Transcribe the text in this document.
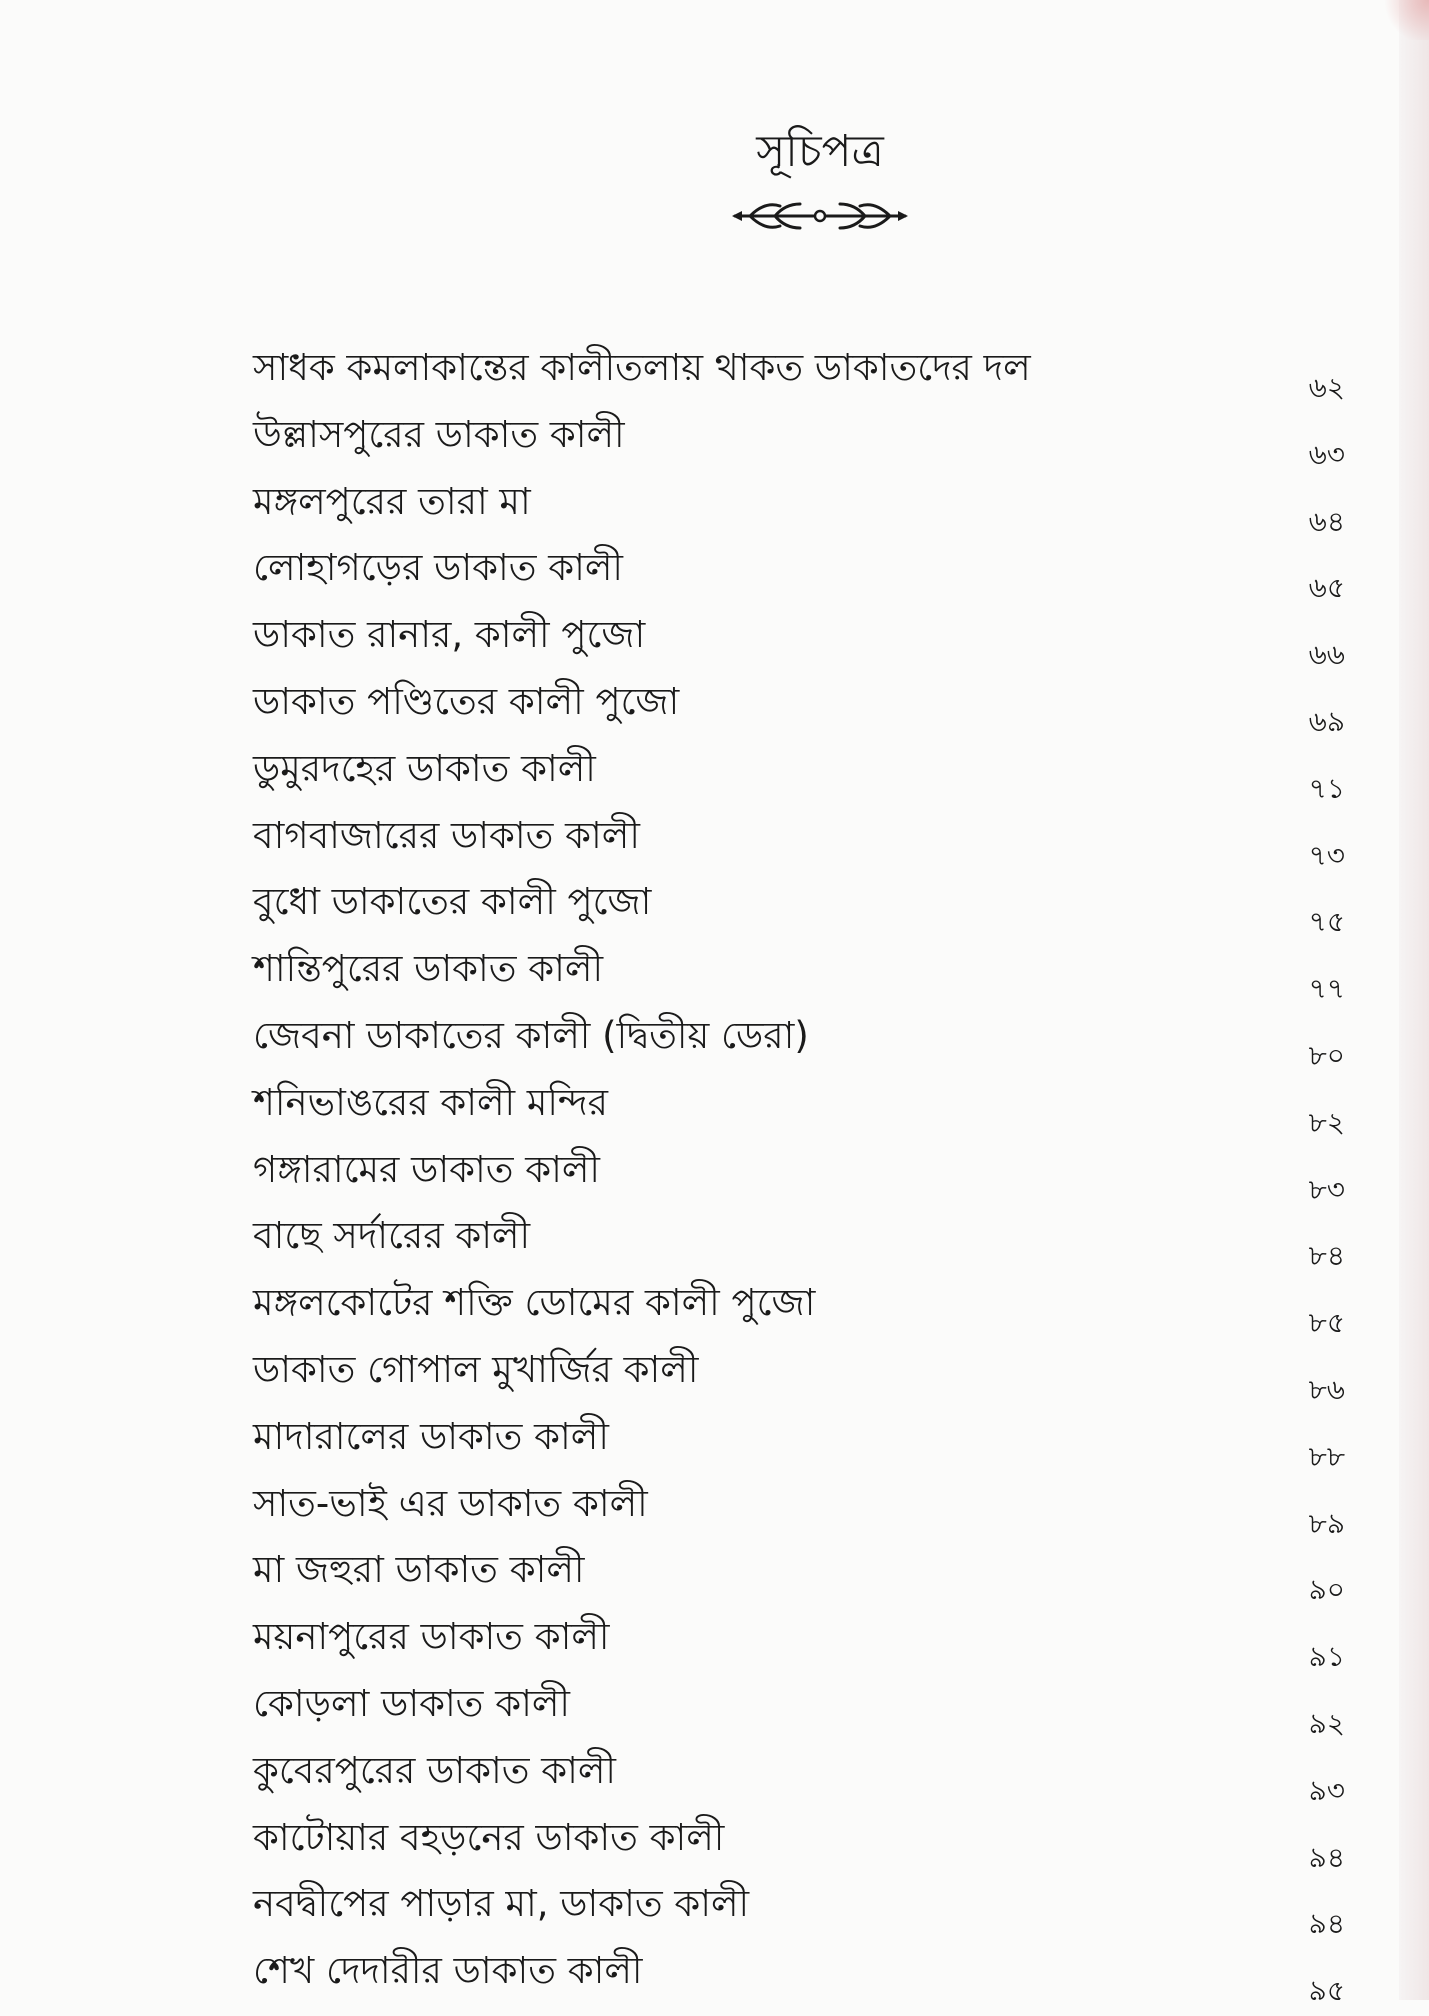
সূচিপত্র
সাধক কমলাকান্তের কালীতলায় থাকত ডাকাতদের দল	৬২
উল্লাসপুরের ডাকাত কালী	৬৩
মঙ্গলপুরের তারা মা	৬৪
লোহাগড়ের ডাকাত কালী	৬৫
ডাকাত রানার, কালী পুজো	৬৬
ডাকাত পণ্ডিতের কালী পুজো	৬৯
ডুমুরদহের ডাকাত কালী	৭১
বাগবাজারের ডাকাত কালী	৭৩
বুধো ডাকাতের কালী পুজো	৭৫
শান্তিপুরের ডাকাত কালী	৭৭
জেবনা ডাকাতের কালী (দ্বিতীয় ডেরা)	৮০
শনিভাঙরের কালী মন্দির	৮২
গঙ্গারামের ডাকাত কালী	৮৩
বাছে সর্দারের কালী	৮৪
মঙ্গলকোটের শক্তি ডোমের কালী পুজো	৮৫
ডাকাত গোপাল মুখার্জির কালী	৮৬
মাদারালের ডাকাত কালী	৮৮
সাত-ভাই এর ডাকাত কালী	৮৯
মা জহুরা ডাকাত কালী	৯০
ময়নাপুরের ডাকাত কালী	৯১
কোড়লা ডাকাত কালী	৯২
কুবেরপুরের ডাকাত কালী	৯৩
কাটোয়ার বহড়নের ডাকাত কালী	৯৪
নবদ্বীপের পাড়ার মা, ডাকাত কালী	৯৪
শেখ দেদারীর ডাকাত কালী	৯৫
